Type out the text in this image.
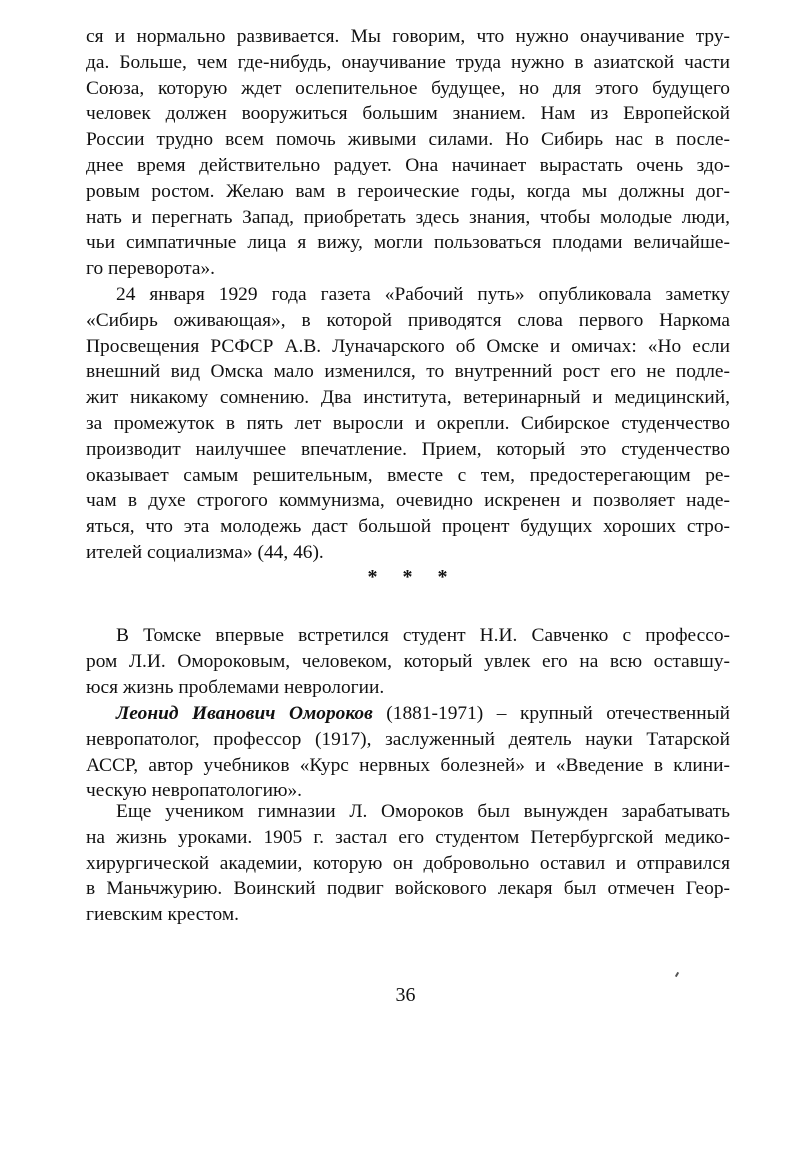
ся и нормально развивается. Мы говорим, что нужно онаучивание тру-
да. Больше, чем где-нибудь, онаучивание труда нужно в азиатской части
Союза, которую ждет ослепительное будущее, но для этого будущего
человек должен вооружиться большим знанием. Нам из Европейской
России трудно всем помочь живыми силами. Но Сибирь нас в после-
днее время действительно радует. Она начинает вырастать очень здо-
ровым ростом. Желаю вам в героические годы, когда мы должны дог-
нать и перегнать Запад, приобретать здесь знания, чтобы молодые люди,
чьи симпатичные лица я вижу, могли пользоваться плодами величайше-
го переворота».
24 января 1929 года газета «Рабочий путь» опубликовала заметку
«Сибирь оживающая», в которой приводятся слова первого Наркома
Просвещения РСФСР А.В. Луначарского об Омске и омичах: «Но если
внешний вид Омска мало изменился, то внутренний рост его не подле-
жит никакому сомнению. Два института, ветеринарный и медицинский,
за промежуток в пять лет выросли и окрепли. Сибирское студенчество
производит наилучшее впечатление. Прием, который это студенчество
оказывает самым решительным, вместе с тем, предостерегающим ре-
чам в духе строгого коммунизма, очевидно искренен и позволяет наде-
яться, что эта молодежь даст большой процент будущих хороших стро-
ителей социализма» (44, 46).
* * *
В Томске впервые встретился студент Н.И. Савченко с профессо-
ром Л.И. Омороковым, человеком, который увлек его на всю оставшу-
юся жизнь проблемами неврологии.
Леонид Иванович Омороков (1881-1971) – крупный отечественный
невропатолог, профессор (1917), заслуженный деятель науки Татарской
АССР, автор учебников «Курс нервных болезней» и «Введение в клини-
ческую невропатологию».
Еще учеником гимназии Л. Омороков был вынужден зарабатывать
на жизнь уроками. 1905 г. застал его студентом Петербургской медико-
хирургической академии, которую он добровольно оставил и отправился
в Маньчжурию. Воинский подвиг войскового лекаря был отмечен Геор-
гиевским крестом.
36
